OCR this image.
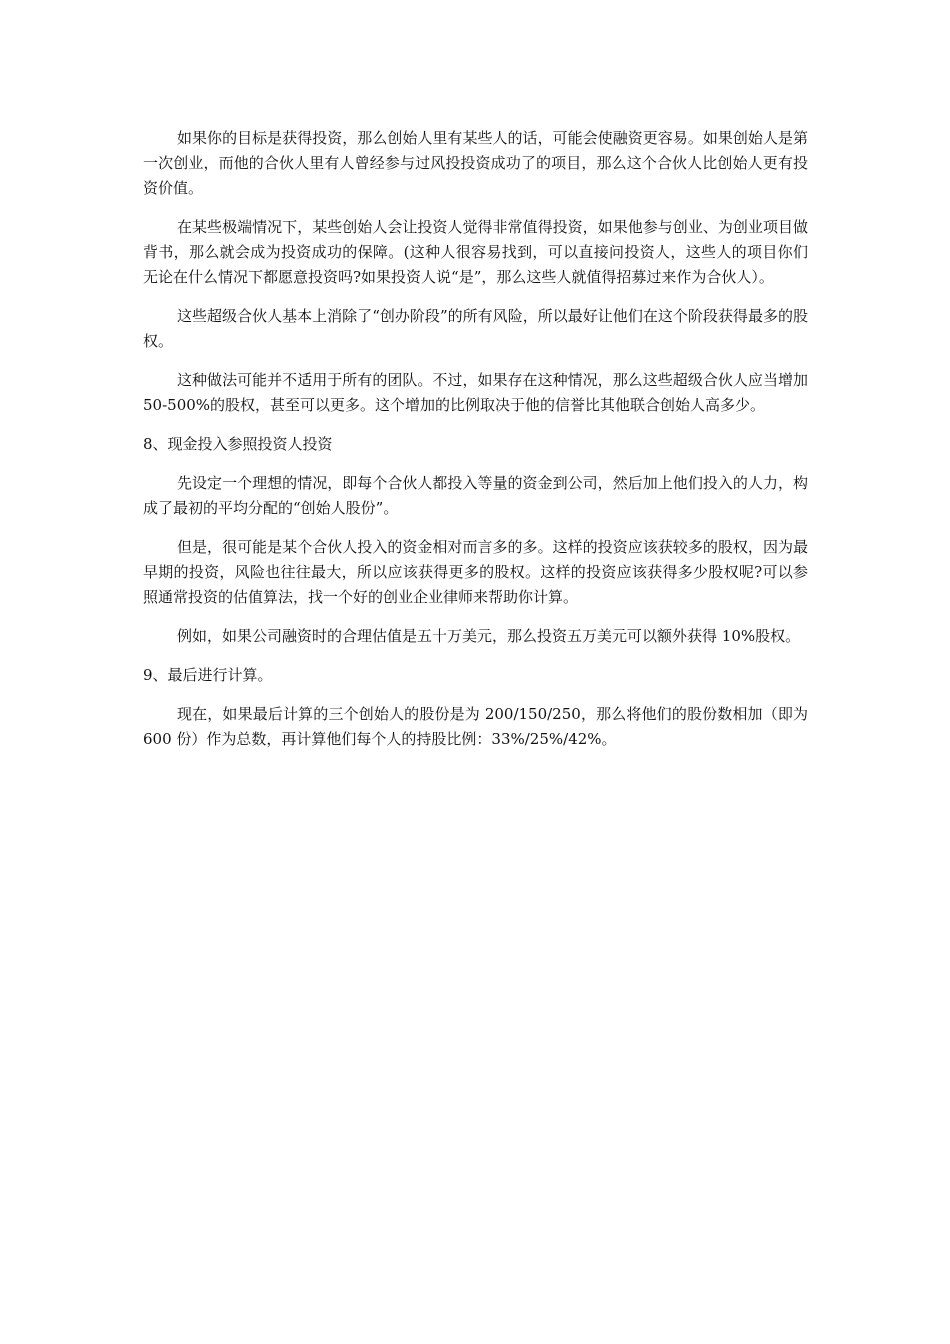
如果你的目标是获得投资，那么创始人里有某些人的话，可能会使融资更容易。如果创始人是第一次创业，而他的合伙人里有人曾经参与过风投投资成功了的项目，那么这个合伙人比创始人更有投资价值。

在某些极端情况下，某些创始人会让投资人觉得非常值得投资，如果他参与创业、为创业项目做背书，那么就会成为投资成功的保障。(这种人很容易找到，可以直接问投资人，这些人的项目你们无论在什么情况下都愿意投资吗?如果投资人说“是”，那么这些人就值得招募过来作为合伙人）。

这些超级合伙人基本上消除了“创办阶段”的所有风险，所以最好让他们在这个阶段获得最多的股权。

这种做法可能并不适用于所有的团队。不过，如果存在这种情况，那么这些超级合伙人应当增加 50-500%的股权，甚至可以更多。这个增加的比例取决于他的信誉比其他联合创始人高多少。

8、现金投入参照投资人投资

先设定一个理想的情况，即每个合伙人都投入等量的资金到公司，然后加上他们投入的人力，构成了最初的平均分配的“创始人股份”。

但是，很可能是某个合伙人投入的资金相对而言多的多。这样的投资应该获较多的股权，因为最早期的投资，风险也往往最大，所以应该获得更多的股权。这样的投资应该获得多少股权呢?可以参照通常投资的估值算法，找一个好的创业企业律师来帮助你计算。

例如，如果公司融资时的合理估值是五十万美元，那么投资五万美元可以额外获得 10%股权。

9、最后进行计算。

现在，如果最后计算的三个创始人的股份是为 200/150/250，那么将他们的股份数相加（即为 600 份）作为总数，再计算他们每个人的持股比例：33%/25%/42%。
